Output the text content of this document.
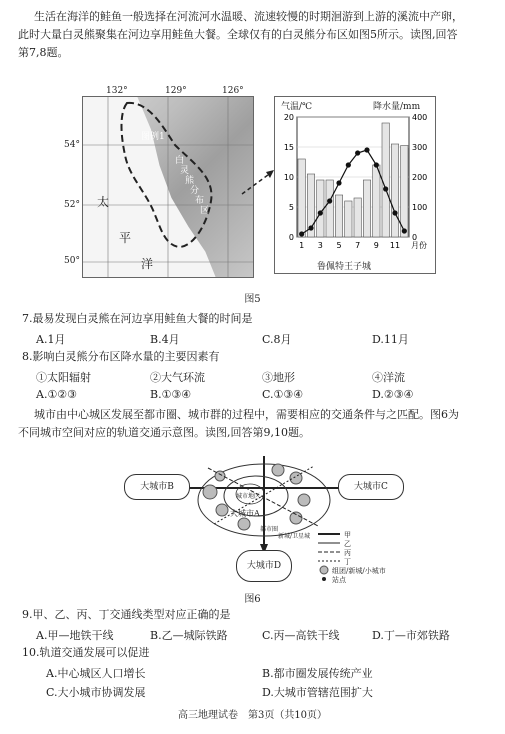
生活在海洋的鲑鱼一般选择在河流河水温暖、流速较慢的时期洄游到上游的溪流中产卵，
此时大量白灵熊聚集在河边享用鲑鱼大餐。全球仅有的白灵熊分布区如图5所示。读图,回答
第7,8题。
132°	129°	126°
54°
52°
50°
图例1
白
灵
熊
分
布
区
太
平
洋
气温/℃	降水量/mm
20	400
15	300
10	200
5	100
0	0
1 3 5 7 9 11 月份
鲁佩特王子城
图5
7.最易发现白灵熊在河边享用鲑鱼大餐的时间是
A.1月	B.4月	C.8月	D.11月
8.影响白灵熊分布区降水量的主要因素有
①太阳辐射	②大气环流	③地形	④洋流
A.①②③	B.①③④	C.①③④	D.②③④
城市由中心城区发展至都市圈、城市群的过程中，需要相应的交通条件与之匹配。图6为
不同城市空间对应的轨道交通示意图。读图,回答第9,10题。
大城市B	大城市C
大城市D
大城市A
城市地区
都市圈
新城/卫星城	甲
乙
丙
丁
组团/新城/小城市
站点
图6
9.甲、乙、丙、丁交通线类型对应正确的是
A.甲—地铁干线	B.乙—城际铁路	C.丙—高铁干线	D.丁—市郊铁路
10.轨道交通发展可以促进
A.中心城区人口增长	B.都市圈发展传统产业
C.大小城市协调发展	D.大城市管辖范围扩大
高三地理试卷　第3页（共10页）
